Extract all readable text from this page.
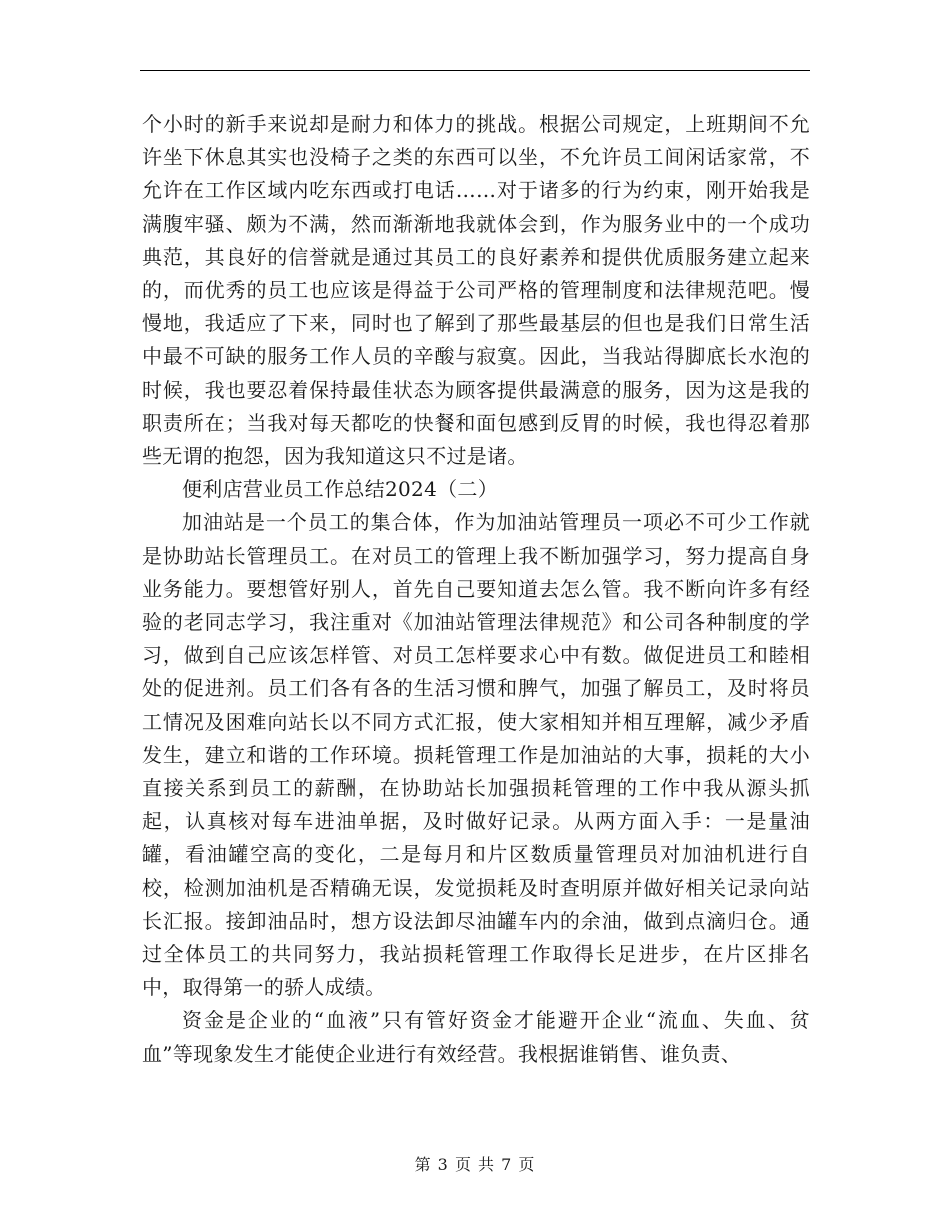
个小时的新手来说却是耐力和体力的挑战。根据公司规定，上班期间不允许坐下休息其实也没椅子之类的东西可以坐，不允许员工间闲话家常，不允许在工作区域内吃东西或打电话……对于诸多的行为约束，刚开始我是满腹牢骚、颇为不满，然而渐渐地我就体会到，作为服务业中的一个成功典范，其良好的信誉就是通过其员工的良好素养和提供优质服务建立起来的，而优秀的员工也应该是得益于公司严格的管理制度和法律规范吧。慢慢地，我适应了下来，同时也了解到了那些最基层的但也是我们日常生活中最不可缺的服务工作人员的辛酸与寂寞。因此，当我站得脚底长水泡的时候，我也要忍着保持最佳状态为顾客提供最满意的服务，因为这是我的职责所在；当我对每天都吃的快餐和面包感到反胃的时候，我也得忍着那些无谓的抱怨，因为我知道这只不过是诸。

便利店营业员工作总结2024（二）

加油站是一个员工的集合体，作为加油站管理员一项必不可少工作就是协助站长管理员工。在对员工的管理上我不断加强学习，努力提高自身业务能力。要想管好别人，首先自己要知道去怎么管。我不断向许多有经验的老同志学习，我注重对《加油站管理法律规范》和公司各种制度的学习，做到自己应该怎样管、对员工怎样要求心中有数。做促进员工和睦相处的促进剂。员工们各有各的生活习惯和脾气，加强了解员工，及时将员工情况及困难向站长以不同方式汇报，使大家相知并相互理解，减少矛盾发生，建立和谐的工作环境。损耗管理工作是加油站的大事，损耗的大小直接关系到员工的薪酬，在协助站长加强损耗管理的工作中我从源头抓起，认真核对每车进油单据，及时做好记录。从两方面入手：一是量油罐，看油罐空高的变化，二是每月和片区数质量管理员对加油机进行自校，检测加油机是否精确无误，发觉损耗及时查明原并做好相关记录向站长汇报。接卸油品时，想方设法卸尽油罐车内的余油，做到点滴归仓。通过全体员工的共同努力，我站损耗管理工作取得长足进步，在片区排名中，取得第一的骄人成绩。

资金是企业的“血液”只有管好资金才能避开企业“流血、失血、贫血”等现象发生才能使企业进行有效经营。我根据谁销售、谁负责、

第 3 页 共 7 页
